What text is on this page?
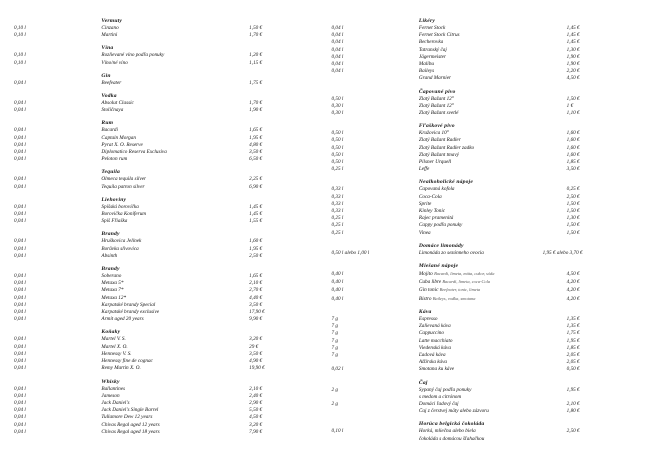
Vermuty
0,10 l	Cinzano	1,50 €
0,10 l	Martini	1,70 €
Vína
0,10 l	Rozlievané víno podľa ponuky	1,20 €
0,10 l	Víno/né víno	1,15 €
Gin
0,04 l	Beefeater	1,75 €
Vodka
0,04 l	Absolut Classic	1,70 €
0,04 l	Stoličnaya	1,90 €
Rum
0,04 l	Bacardi	1,65 €
0,04 l	Captain Morgan	1,95 €
0,04 l	Pyrat X. O. Reserve	4,80 €
0,04 l	Diplomatico Reserva Exclusiva	3,50 €
0,04 l	Peloton rum	6,50 €
Tequila
0,04 l	Olmeca tequila silver	2,25 €
0,04 l	Tequila patron silver	6,90 €
Liehoviny
0,04 l	Spišská borovička	1,45 €
0,04 l	Borovička Koniferum	1,45 €
0,04 l	Spiš Fľiaška	1,55 €
Brandy
0,04 l	Hruškovica Jelínek	1,60 €
0,04 l	Borůvka slivovica	1,95 €
0,04 l	Absinth	2,50 €
Brandy
0,04 l	Soberano	1,65 €
0,04 l	Metaxa 5*	2,10 €
0,04 l	Metaxa 7*	2,70 €
0,04 l	Metaxa 12*	4,40 €
0,04 l	Karpatské brandy Special	3,50 €
0,04 l	Karpatské brandy exclusive	17,90 €
0,04 l	Armit aged 20 years	9,90 €
Koňaky
0,04 l	Martel V. S.	3,20 €
0,04 l	Martel X. O.	29 €
0,04 l	Hennessy V. S.	3,50 €
0,04 l	Hennessy fine de cognac	4,90 €
0,04 l	Remy Martin X. O.	19,90 €
Whisky
0,04 l	Ballantines	2,10 €
0,04 l	Jameson	2,40 €
0,04 l	Jack Daniel's	2,90 €
0,04 l	Jack Daniel's Single Barrel	5,50 €
0,04 l	Tullamore Dew 12 years	4,50 €
0,04 l	Chivas Regal aged 12 years	3,20 €
0,04 l	Chivas Regal aged 18 years	7,90 €
Likéry
0,04 l	Fernet Stock	1,45 €
0,04 l	Fernet Stock Citrus	1,45 €
0,04 l	Becherovka	1,45 €
0,04 l	Tatranský čaj	1,30 €
0,04 l	Jägermeister	1,90 €
0,04 l	Malibu	1,90 €
0,04 l	Baileys	2,20 €
Grand Marnier	4,50 €
Čapované pivo
0,50 l	Zlatý Bažant 12°	1,50 €
0,30 l	Zlatý Bažant 12°	1 €
0,30 l	Zlatý Bažant svetlé	1,10 €
Fľaškové pivo
0,50 l	Kružovica 10°	1,60 €
0,50 l	Zlatý Bažant Radler	1,60 €
0,50 l	Zlatý Bažant Radler zadko	1,60 €
0,50 l	Zlatý Bažant tmavý	1,60 €
0,50 l	Pilsner Urquell	1,85 €
0,25 l	Leffe	3,50 €
Nealkoholické nápoje
0,33 l	Čapovaná kofola	0,25 €
0,33 l	Coca-Cola	2,50 €
0,33 l	Sprite	1,50 €
0,33 l	Kinley Tonic	1,50 €
0,25 l	Rajec pramenitá	1,30 €
0,25 l	Cappy podľa ponuky	1,50 €
0,25 l	Vinea	1,50 €
Domáce limonády
0,50 l alebo 1,00 l	Limonáda zo sezónneho ovocia	1,95 € alebo 3,70 €
Miešané nápoje
0,40 l	Mojito Bacardi, limeta, mäta, cukor, sóda	4,50 €
0,40 l	Cuba libre Bacardi, limeta, coca-Cola	4,20 €
0,40 l	Gin tonic Beefeater, tonic, limeta	4,20 €
0,40 l	Bistro Baileys, vodka, smotana	4,20 €
Káva
7 g	Espresso	1,35 €
7 g	Zalievaná káva	1,35 €
7 g	Cappuccino	1,75 €
7 g	Latte macchiato	1,95 €
7 g	Viedenská káva	1,85 €
7 g	Ľadová káva	2,05 €
Alžírska káva	2,05 €
0,02 l	Smotana ku káve	0,50 €
Čaj
2 g	Sypaný čaj podľa ponuky	1,95 €
s medom a citrónom
2 g	Domáci ľadový čaj	2,10 €
Čaj z čerstvej mäty alebo zázvoru	1,80 €
Horúca belgická čokoláda
0,10 l	Horká, mliečna alebo biela	2,50 €
čokoláda s domácou šľahačkou
